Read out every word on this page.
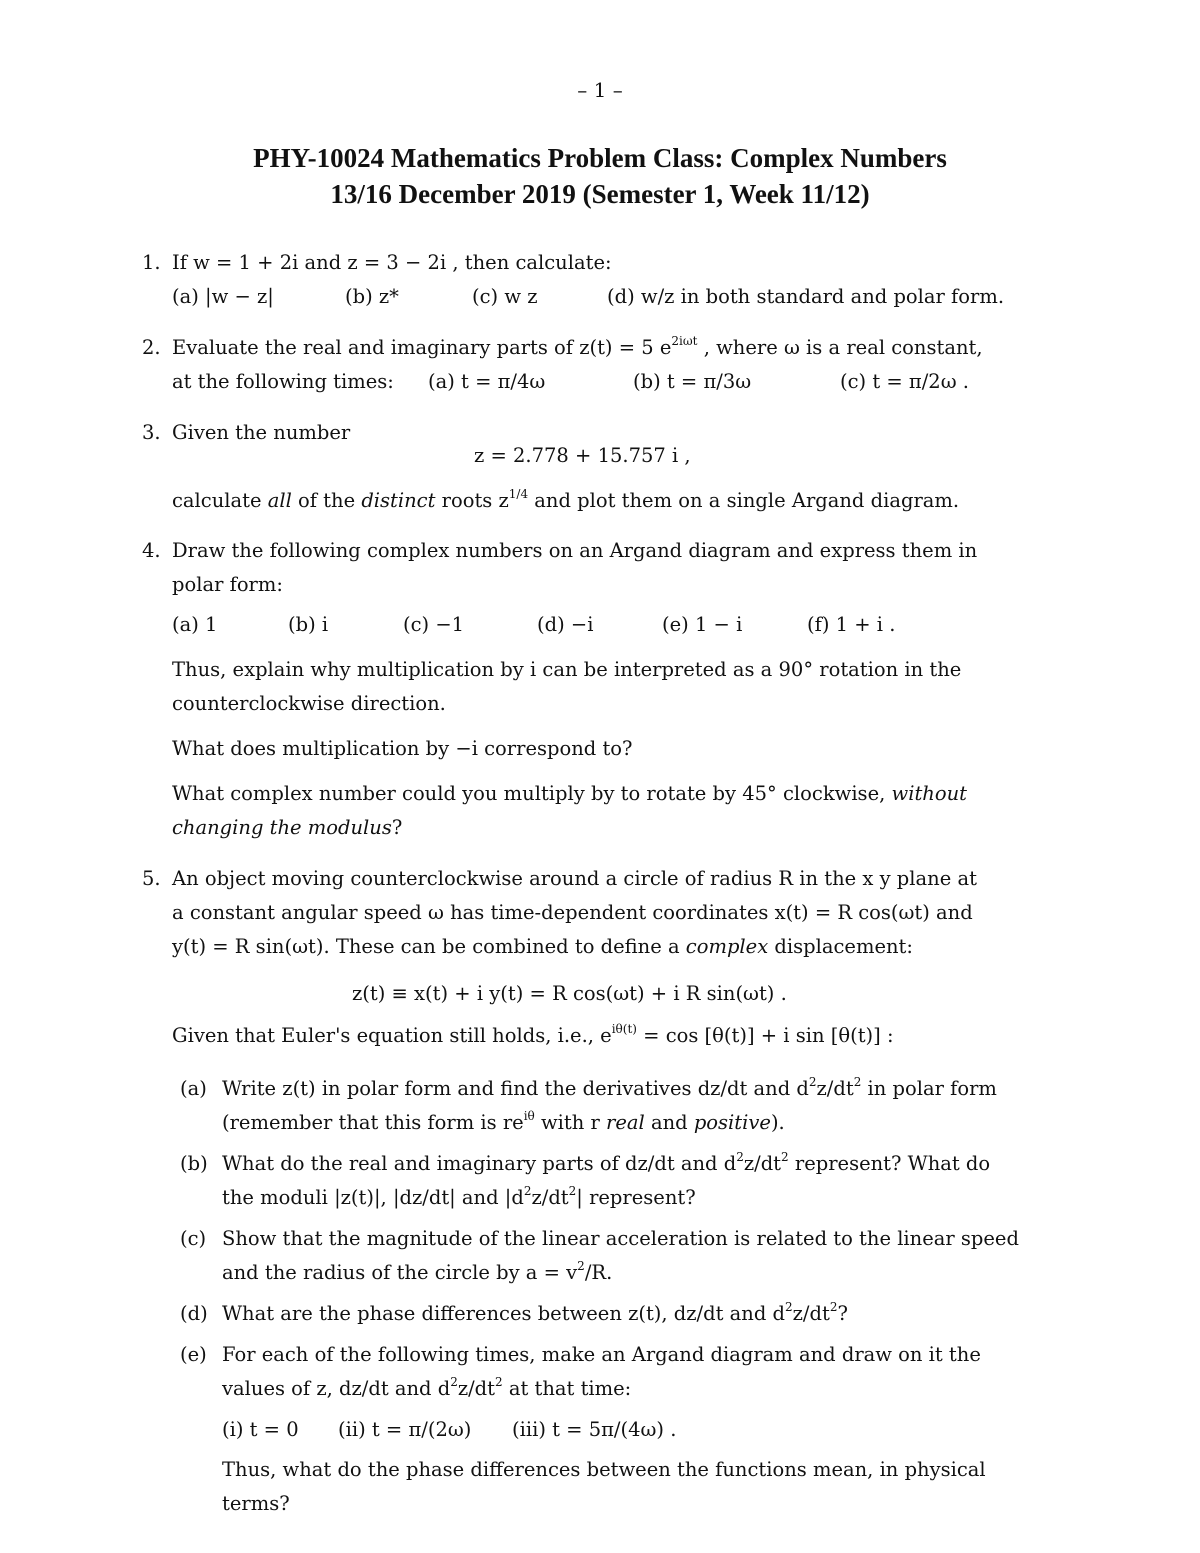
– 1 –
PHY-10024 Mathematics Problem Class: Complex Numbers
13/16 December 2019 (Semester 1, Week 11/12)
1. If w = 1 + 2i and z = 3 − 2i , then calculate:
(a) |w − z|	(b) z*	(c) w z	(d) w/z in both standard and polar form.
2. Evaluate the real and imaginary parts of z(t) = 5 $e^{2i\omega t}$ , where ω is a real constant,
at the following times: (a) t = π/4ω	(b) t = π/3ω	(c) t = π/2ω .
3. Given the number
z = 2.778 + 15.757 i ,
calculate all of the distinct roots $z^{1/4}$ and plot them on a single Argand diagram.
4. Draw the following complex numbers on an Argand diagram and express them in
polar form:
(a) 1	(b) i	(c) −1	(d) −i	(e) 1 − i	(f) 1 + i .
Thus, explain why multiplication by i can be interpreted as a 90° rotation in the
counterclockwise direction.
What does multiplication by −i correspond to?
What complex number could you multiply by to rotate by 45° clockwise, without
changing the modulus?
5. An object moving counterclockwise around a circle of radius R in the x y plane at
a constant angular speed ω has time-dependent coordinates x(t) = R cos(ωt) and
y(t) = R sin(ωt). These can be combined to define a complex displacement:
z(t) ≡ x(t) + i y(t) = R cos(ωt) + i R sin(ωt) .
Given that Euler's equation still holds, i.e., $e^{i\theta(t)} = \cos [\theta(t)] + i$ sin [θ(t)] :
(a) Write z(t) in polar form and find the derivatives dz/dt and $d^2z/dt^2$ in polar form
(remember that this form is $re^{i\theta}$ with r real and positive).
(b) What do the real and imaginary parts of dz/dt and $d^2z/dt^2$ represent? What do
the moduli |z(t)|, |dz/dt| and $|d^2z/dt^2|$ represent?
(c) Show that the magnitude of the linear acceleration is related to the linear speed
and the radius of the circle by $a = v^2/R$.
(d) What are the phase differences between z(t), dz/dt and $d^2z/dt^2$?
(e) For each of the following times, make an Argand diagram and draw on it the
values of z, dz/dt and $d^2z/dt^2$ at that time:
(i) t = 0 (ii) t = π/(2ω) (iii) t = 5π/(4ω) .
Thus, what do the phase differences between the functions mean, in physical
terms?
